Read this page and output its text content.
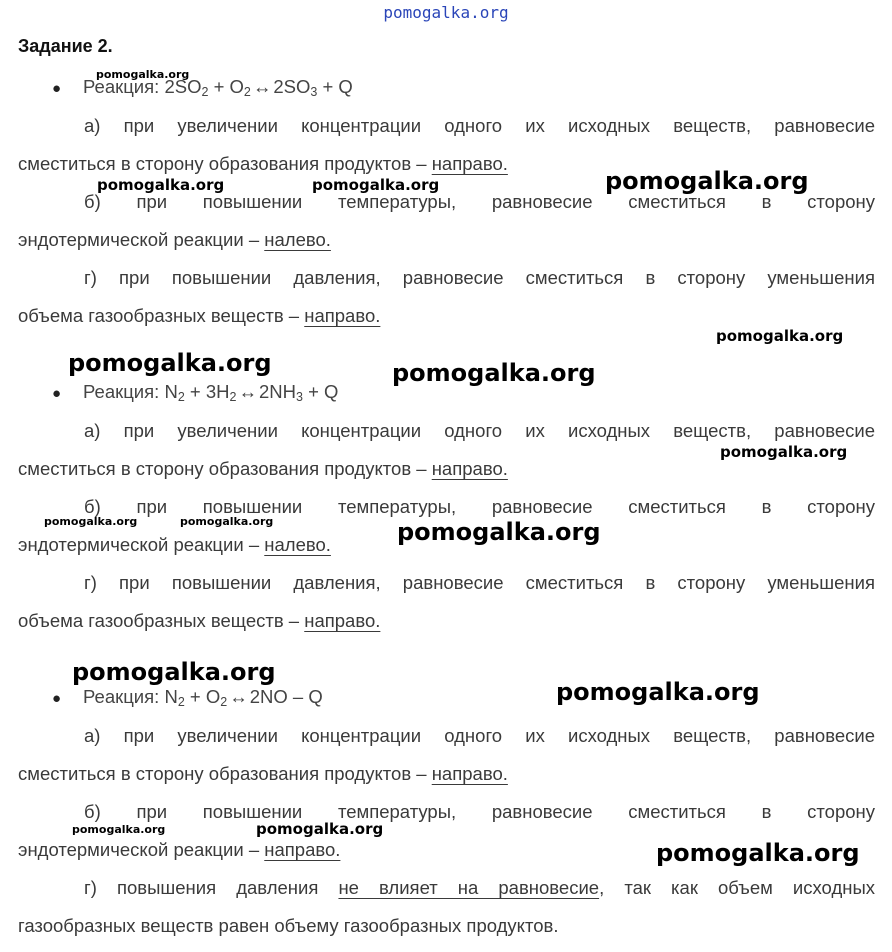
pomogalka.org
Задание 2.
● Реакция: $2SO_2 + O_2$ ↔ $2SO_3 + Q$
а) при увеличении концентрации одного их исходных веществ, равновесие
сместиться в сторону образования продуктов – направо.
б) при повышении температуры, равновесие сместиться в сторону
эндотермической реакции – налево.
г) при повышении давления, равновесие сместиться в сторону уменьшения
объема газообразных веществ – направо.
● Реакция: $N_2 + 3H_2$ ↔ $2NH_3 + Q$
а) при увеличении концентрации одного их исходных веществ, равновесие
сместиться в сторону образования продуктов – направо.
б) при повышении температуры, равновесие сместиться в сторону
эндотермической реакции – налево.
г) при повышении давления, равновесие сместиться в сторону уменьшения
объема газообразных веществ – направо.
● Реакция: $N_2 + O_2$ ↔ 2NO – Q
а) при увеличении концентрации одного их исходных веществ, равновесие
сместиться в сторону образования продуктов – направо.
б) при повышении температуры, равновесие сместиться в сторону
эндотермической реакции – направо.
г) повышения давления не влияет на равновесие, так как объем исходных
газообразных веществ равен объему газообразных продуктов.
pomogalka.org
pomogalka.org	pomogalka.org	pomogalka.org
pomogalka.org
pomogalka.org	pomogalka.org
pomogalka.org
pomogalka.org	pomogalka.org	pomogalka.org
pomogalka.org
pomogalka.org
pomogalka.org	pomogalka.org
pomogalka.org
